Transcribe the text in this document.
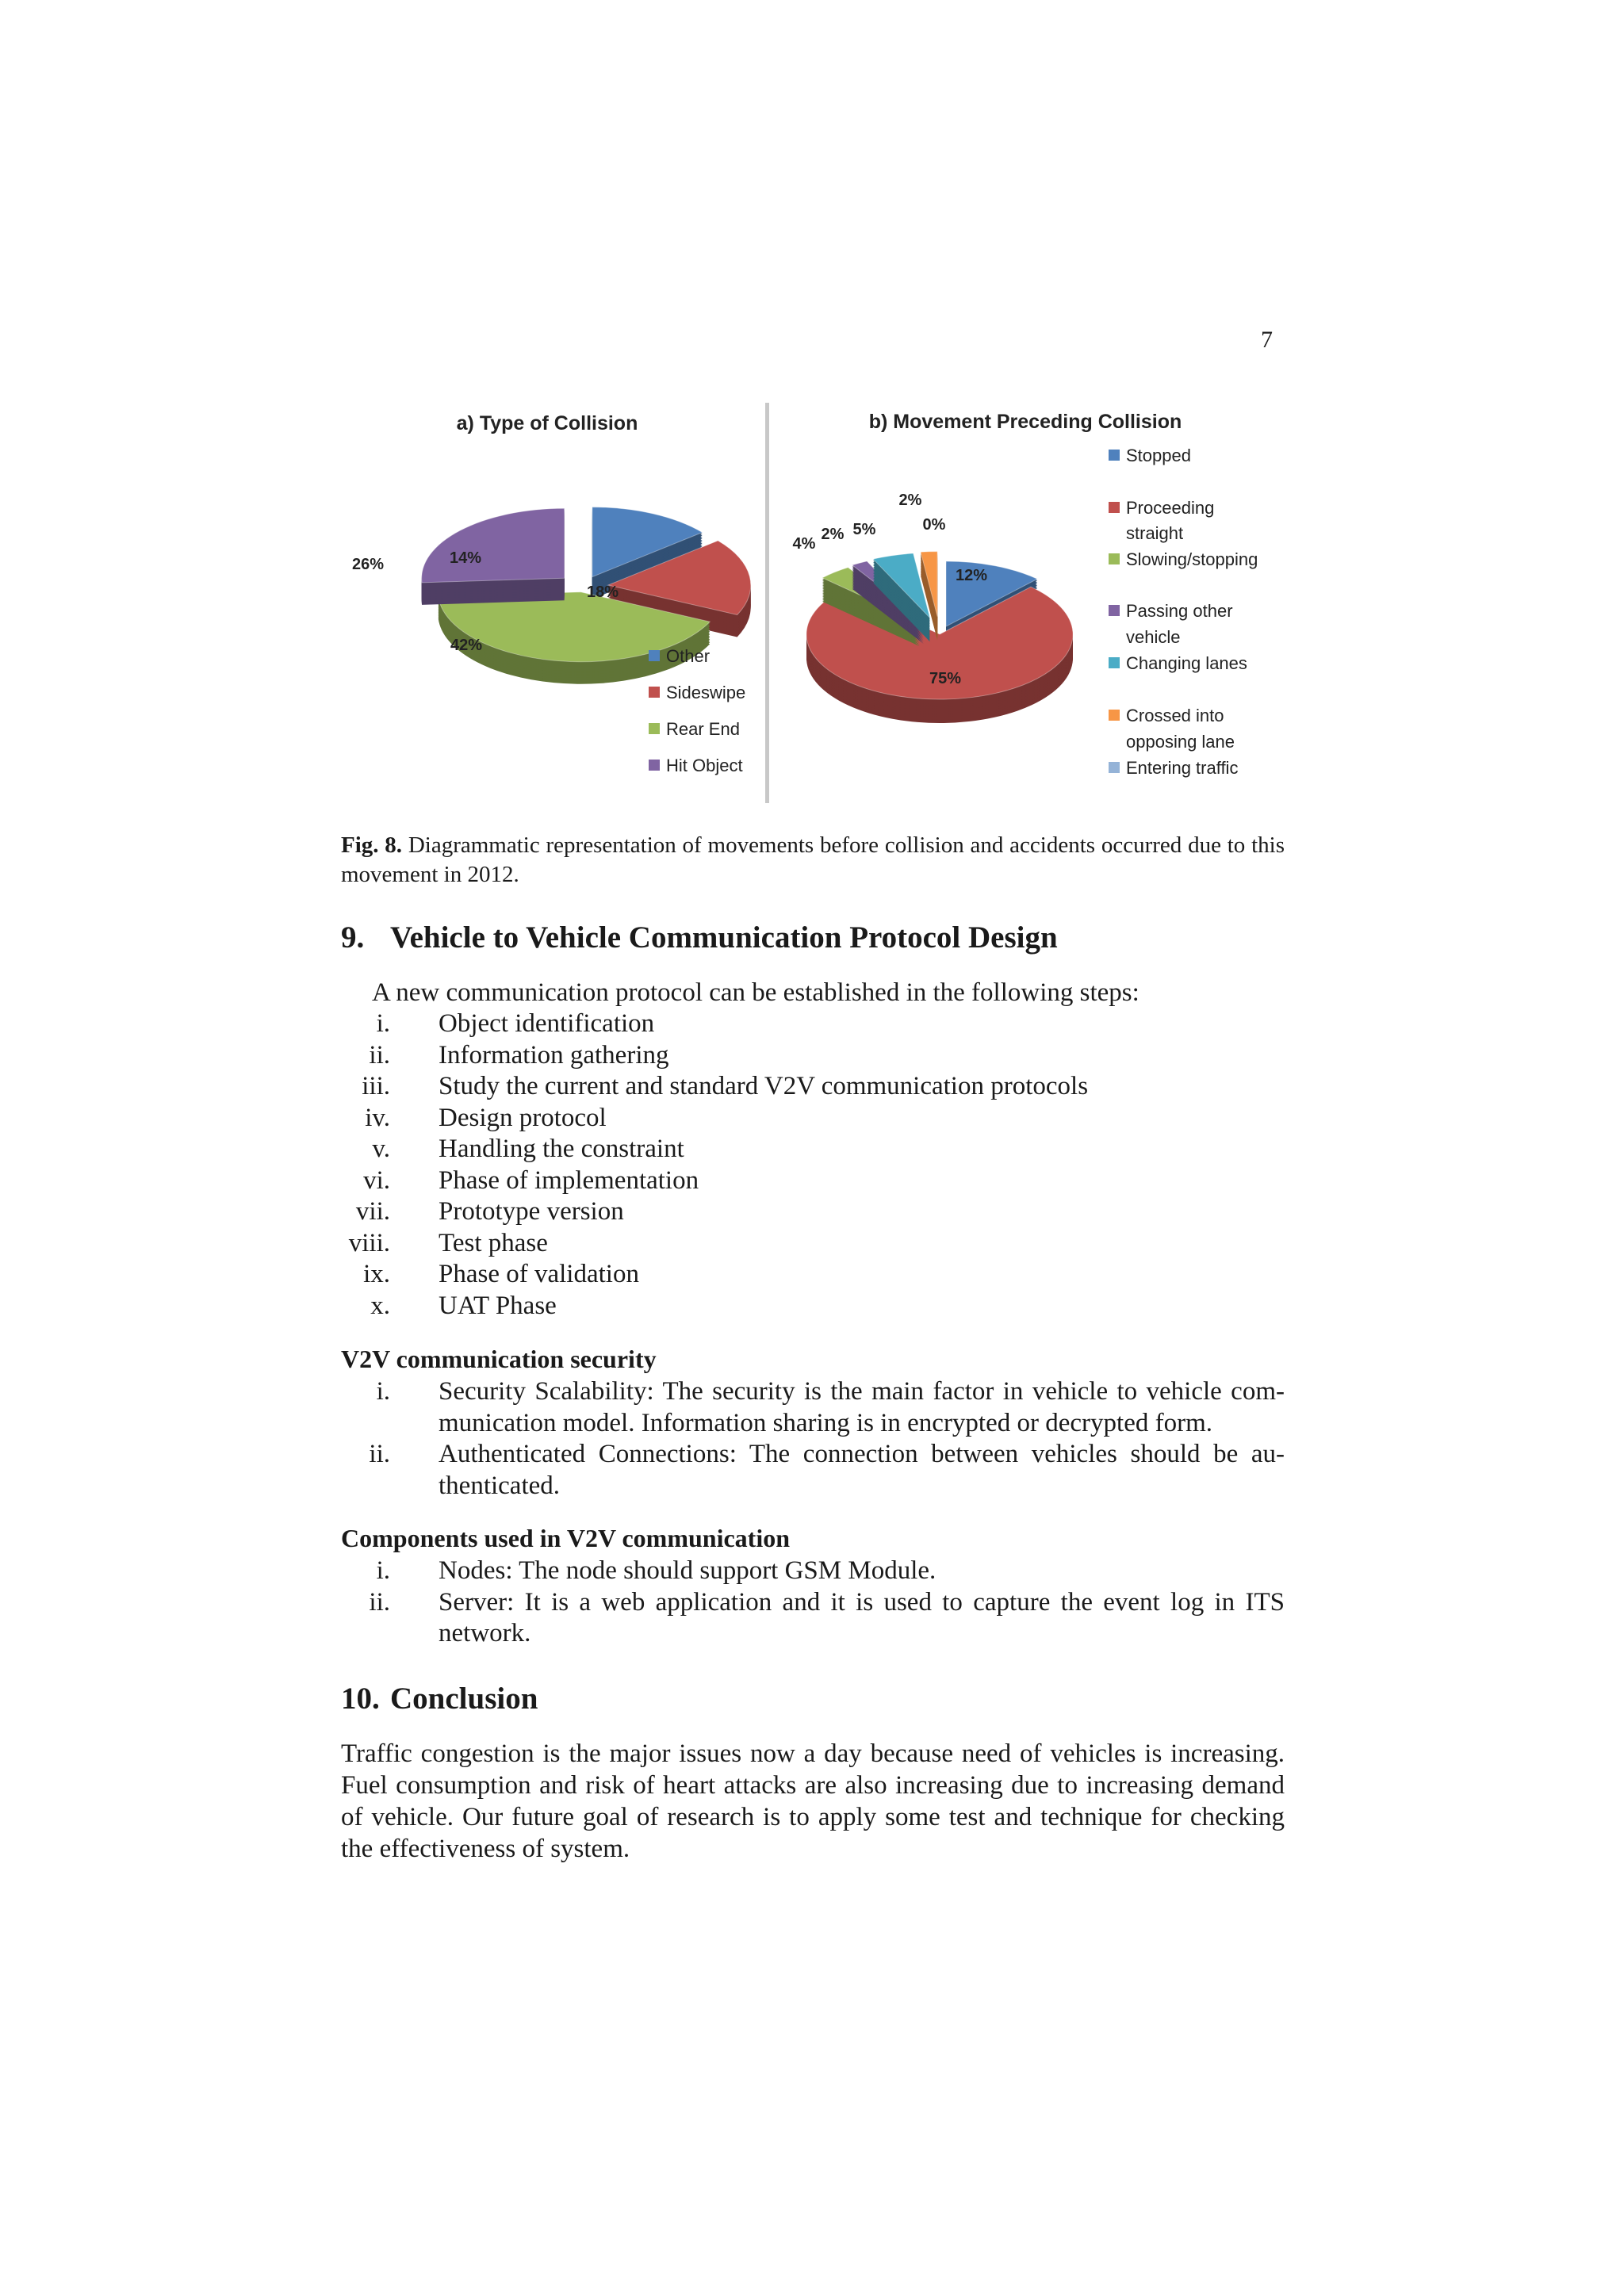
7
a) Type of Collision	b) Movement Preceding Collision
14%
18%
42%
26%
12%
75%
4%
2% 5%
2%
0%
Other
Sideswipe
Rear End
Hit Object
Stopped
Proceeding
straight
Slowing/stopping
Passing other
vehicle
Changing lanes
Crossed into
opposing lane
Entering traffic
Fig. 8. Diagrammatic representation of movements before collision and accidents occurred due to this movement in 2012.
9. Vehicle to Vehicle Communication Protocol Design
A new communication protocol can be established in the following steps:
i. Object identification
ii. Information gathering
iii. Study the current and standard V2V communication protocols
iv. Design protocol
v. Handling the constraint
vi. Phase of implementation
vii. Prototype version
viii. Test phase
ix. Phase of validation
x. UAT Phase
V2V communication security
i. Security Scalability: The security is the main factor in vehicle to vehicle com-munication model. Information sharing is in encrypted or decrypted form.
ii. Authenticated Connections: The connection between vehicles should be au-thenticated.
Components used in V2V communication
i. Nodes: The node should support GSM Module.
ii. Server: It is a web application and it is used to capture the event log in ITS network.
10. Conclusion
Traffic congestion is the major issues now a day because need of vehicles is increasing. Fuel consumption and risk of heart attacks are also increasing due to increasing demand of vehicle. Our future goal of research is to apply some test and technique for checking the effectiveness of system.
